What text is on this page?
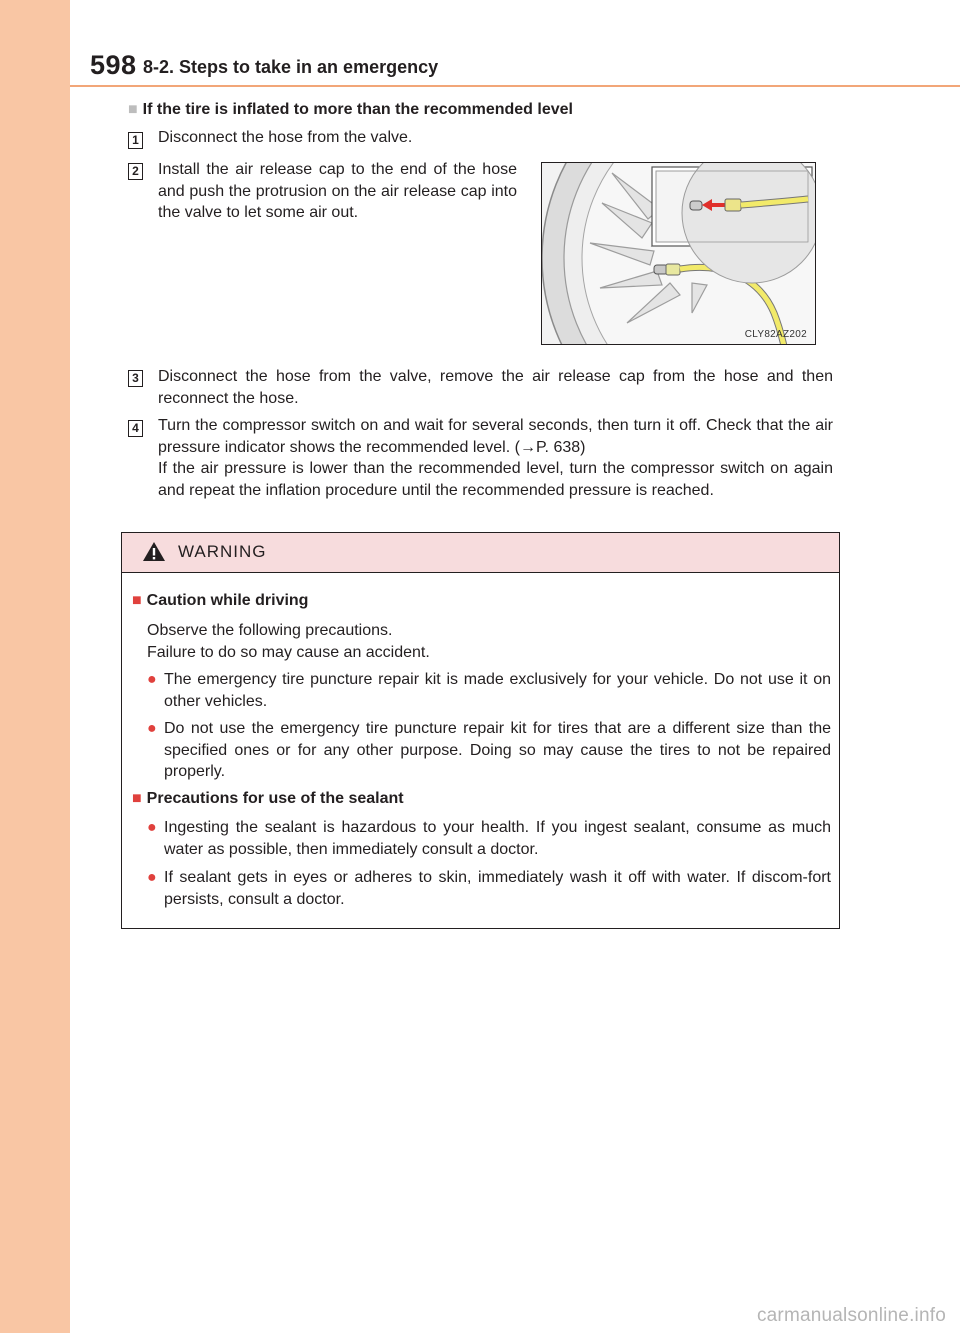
598 8-2. Steps to take in an emergency
■ If the tire is inflated to more than the recommended level
1 Disconnect the hose from the valve.
2 Install the air release cap to the end of the hose and push the protrusion on the air release cap into the valve to let some air out.
CLY82AZ202
3 Disconnect the hose from the valve, remove the air release cap from the hose and then reconnect the hose.
4 Turn the compressor switch on and wait for several seconds, then turn it off. Check that the air pressure indicator shows the recommended level. (→P. 638)
If the air pressure is lower than the recommended level, turn the compressor switch on again and repeat the inflation procedure until the recommended pressure is reached.
WARNING
■ Caution while driving
Observe the following precautions.
Failure to do so may cause an accident.
● The emergency tire puncture repair kit is made exclusively for your vehicle. Do not use it on other vehicles.
● Do not use the emergency tire puncture repair kit for tires that are a different size than the specified ones or for any other purpose. Doing so may cause the tires to not be repaired properly.
■ Precautions for use of the sealant
● Ingesting the sealant is hazardous to your health. If you ingest sealant, consume as much water as possible, then immediately consult a doctor.
● If sealant gets in eyes or adheres to skin, immediately wash it off with water. If discom-fort persists, consult a doctor.
carmanualsonline.info
